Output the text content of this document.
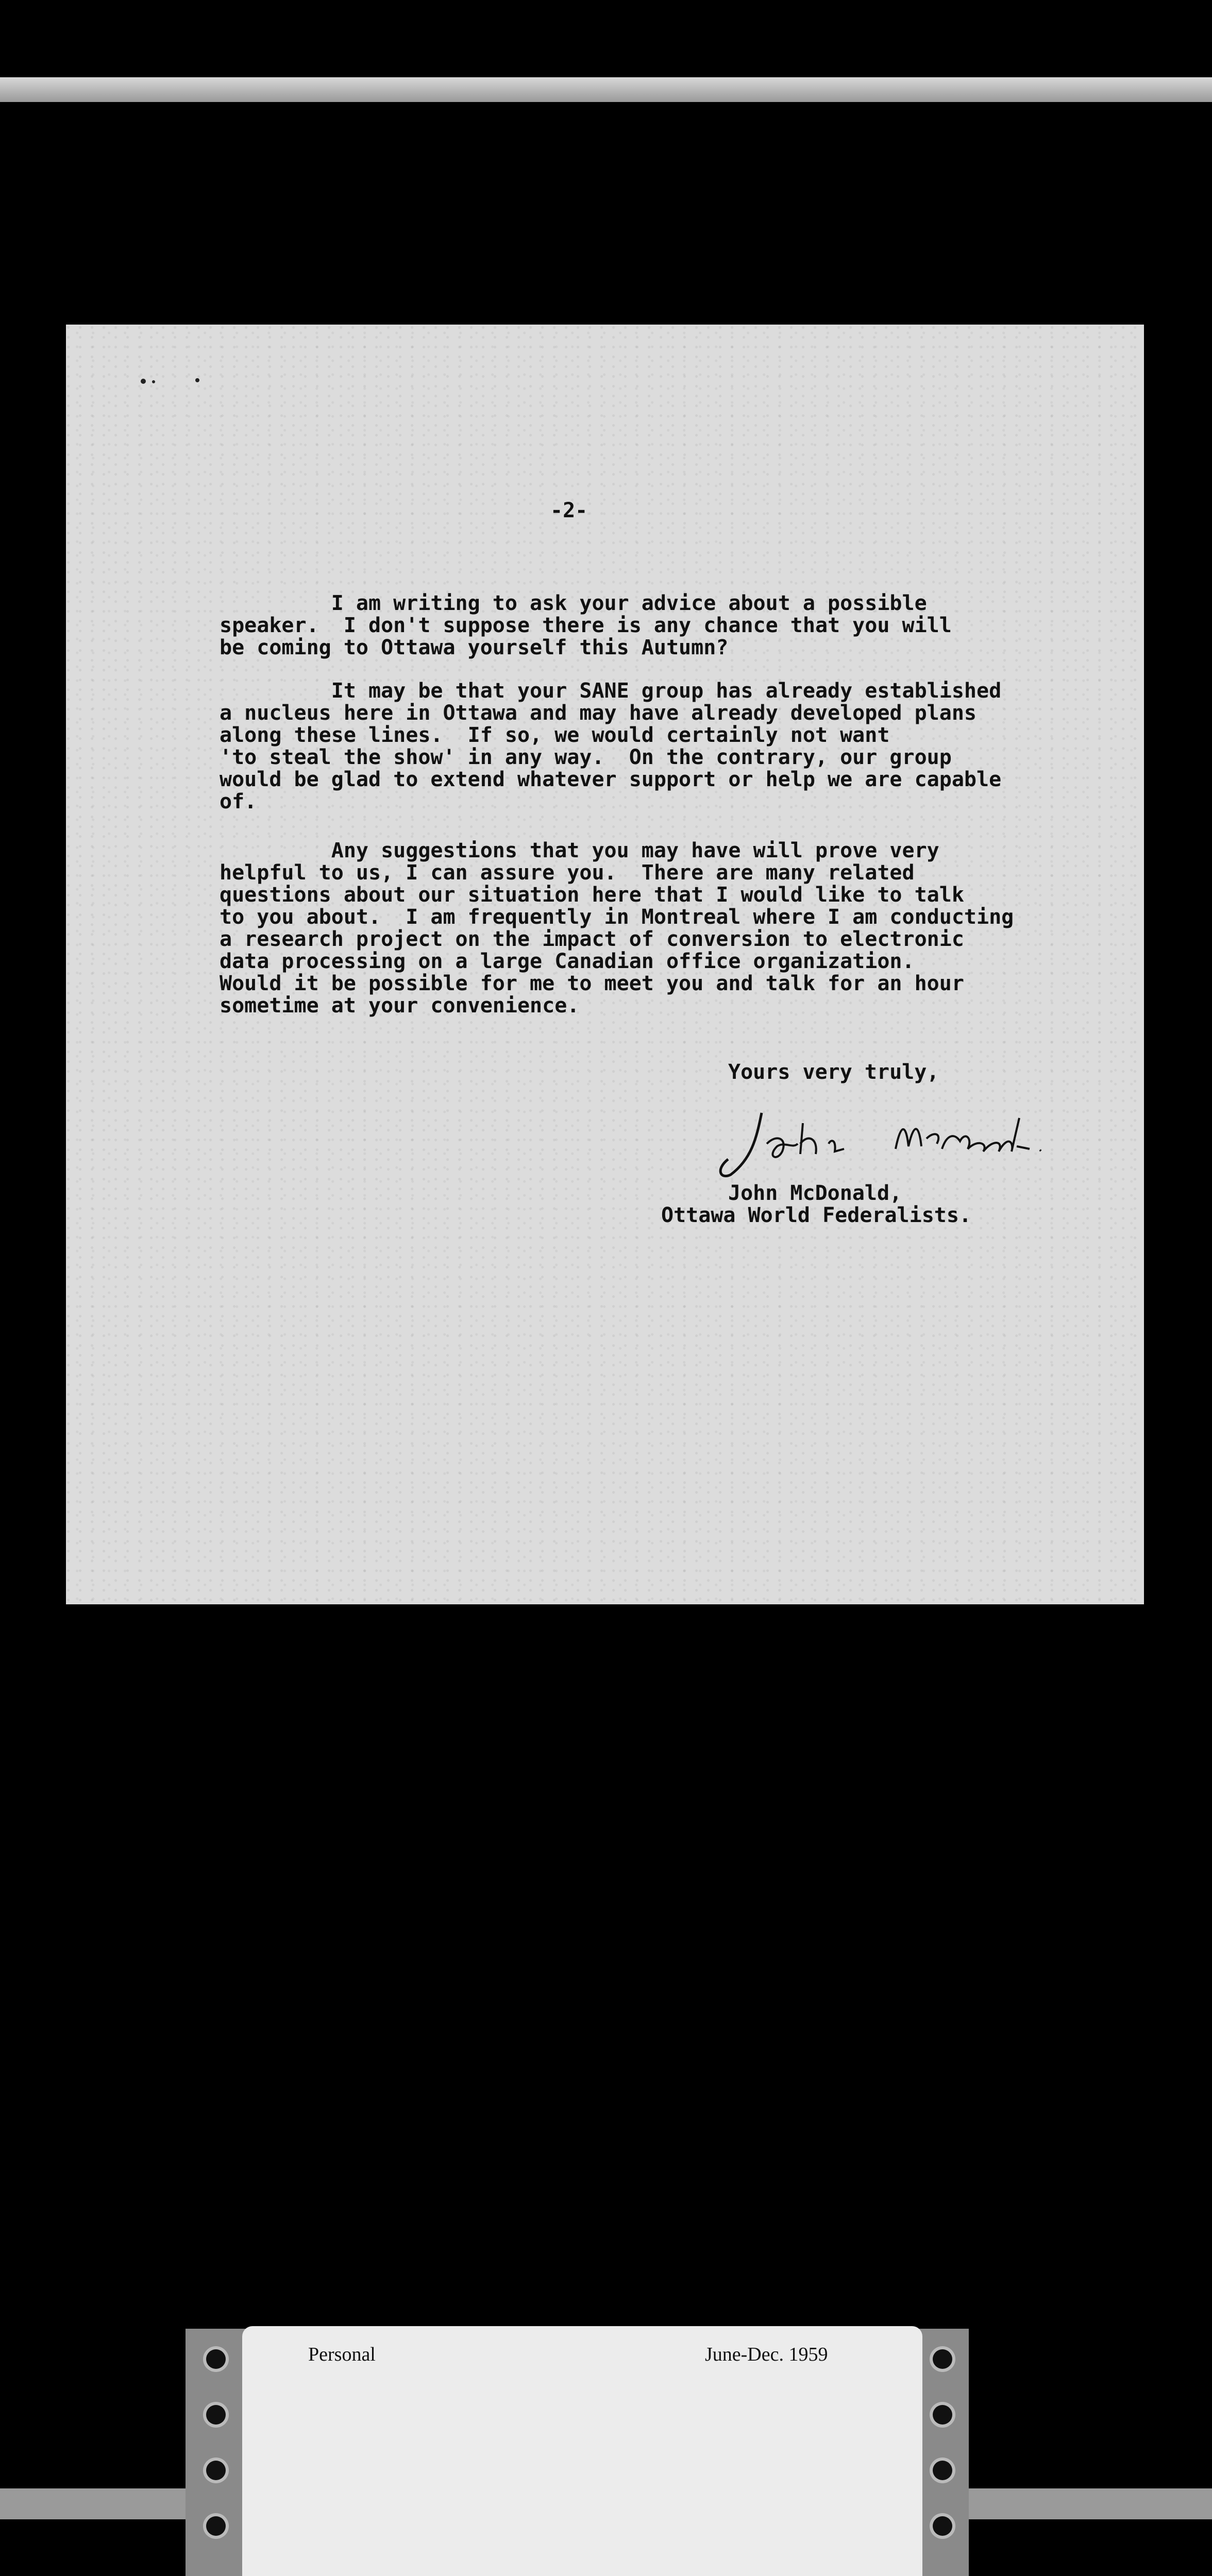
-2-
I am writing to ask your advice about a possible
speaker.  I don't suppose there is any chance that you will
be coming to Ottawa yourself this Autumn?
It may be that your SANE group has already established
a nucleus here in Ottawa and may have already developed plans
along these lines.  If so, we would certainly not want
'to steal the show' in any way.  On the contrary, our group
would be glad to extend whatever support or help we are capable
of.
Any suggestions that you may have will prove very
helpful to us, I can assure you.  There are many related
questions about our situation here that I would like to talk
to you about.  I am frequently in Montreal where I am conducting
a research project on the impact of conversion to electronic
data processing on a large Canadian office organization.
Would it be possible for me to meet you and talk for an hour
sometime at your convenience.
Yours very truly,
John McDonald,
Ottawa World Federalists.
Personal	June-Dec. 1959
